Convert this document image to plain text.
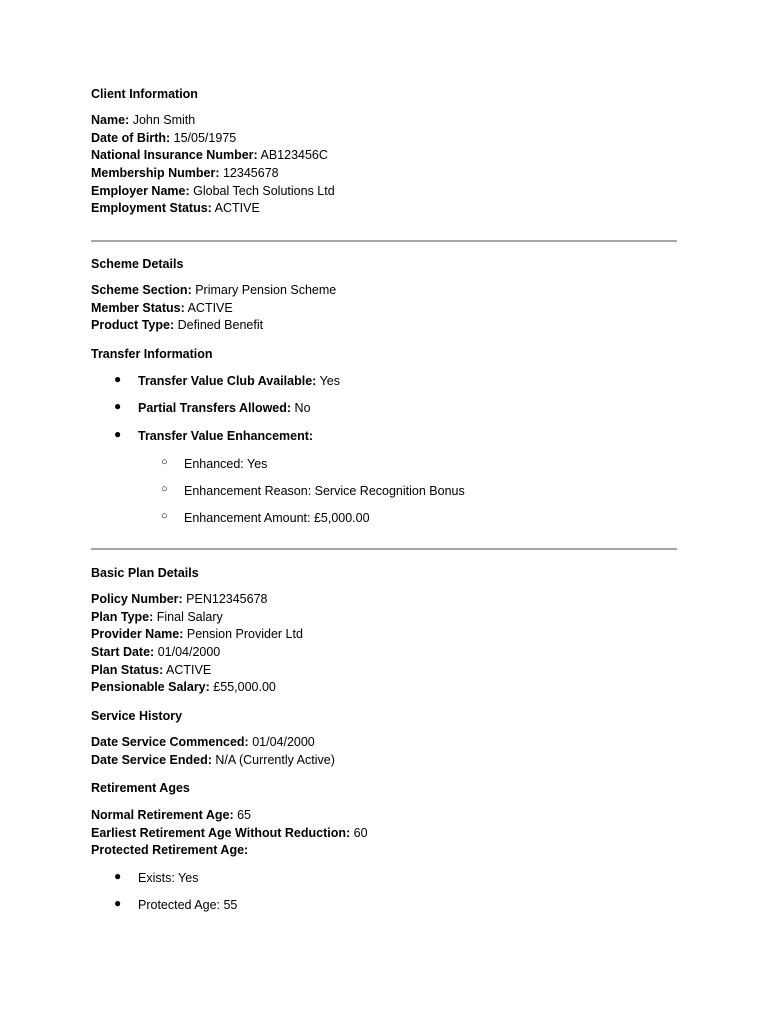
Client Information
Name: John Smith
Date of Birth: 15/05/1975
National Insurance Number: AB123456C
Membership Number: 12345678
Employer Name: Global Tech Solutions Ltd
Employment Status: ACTIVE
Scheme Details
Scheme Section: Primary Pension Scheme
Member Status: ACTIVE
Product Type: Defined Benefit
Transfer Information
● Transfer Value Club Available: Yes
● Partial Transfers Allowed: No
● Transfer Value Enhancement:
○ Enhanced: Yes
○ Enhancement Reason: Service Recognition Bonus
○ Enhancement Amount: £5,000.00
Basic Plan Details
Policy Number: PEN12345678
Plan Type: Final Salary
Provider Name: Pension Provider Ltd
Start Date: 01/04/2000
Plan Status: ACTIVE
Pensionable Salary: £55,000.00
Service History
Date Service Commenced: 01/04/2000
Date Service Ended: N/A (Currently Active)
Retirement Ages
Normal Retirement Age: 65
Earliest Retirement Age Without Reduction: 60
Protected Retirement Age:
● Exists: Yes
● Protected Age: 55
